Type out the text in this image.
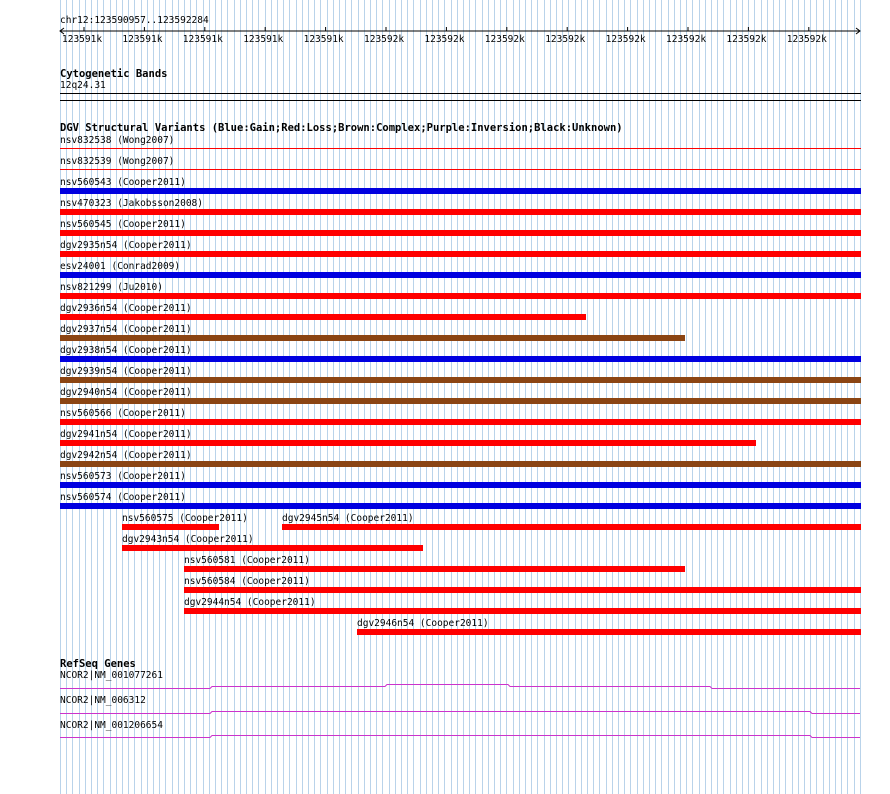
chr12:123590957..123592284
123591k 123591k 123591k 123591k 123591k 123592k 123592k 123592k 123592k 123592k 123592k 123592k 123592k
Cytogenetic Bands
12q24.31
DGV Structural Variants (Blue:Gain;Red:Loss;Brown:Complex;Purple:Inversion;Black:Unknown)
nsv832538 (Wong2007)
nsv832539 (Wong2007)
nsv560543 (Cooper2011)
nsv470323 (Jakobsson2008)
nsv560545 (Cooper2011)
dgv2935n54 (Cooper2011)
esv24001 (Conrad2009)
nsv821299 (Ju2010)
dgv2936n54 (Cooper2011)
dgv2937n54 (Cooper2011)
dgv2938n54 (Cooper2011)
dgv2939n54 (Cooper2011)
dgv2940n54 (Cooper2011)
nsv560566 (Cooper2011)
dgv2941n54 (Cooper2011)
dgv2942n54 (Cooper2011)
nsv560573 (Cooper2011)
nsv560574 (Cooper2011)
nsv560575 (Cooper2011)	dgv2945n54 (Cooper2011)
dgv2943n54 (Cooper2011)
nsv560581 (Cooper2011)
nsv560584 (Cooper2011)
dgv2944n54 (Cooper2011)
dgv2946n54 (Cooper2011)
RefSeq Genes
NCOR2|NM_001077261
NCOR2|NM_006312
NCOR2|NM_001206654
